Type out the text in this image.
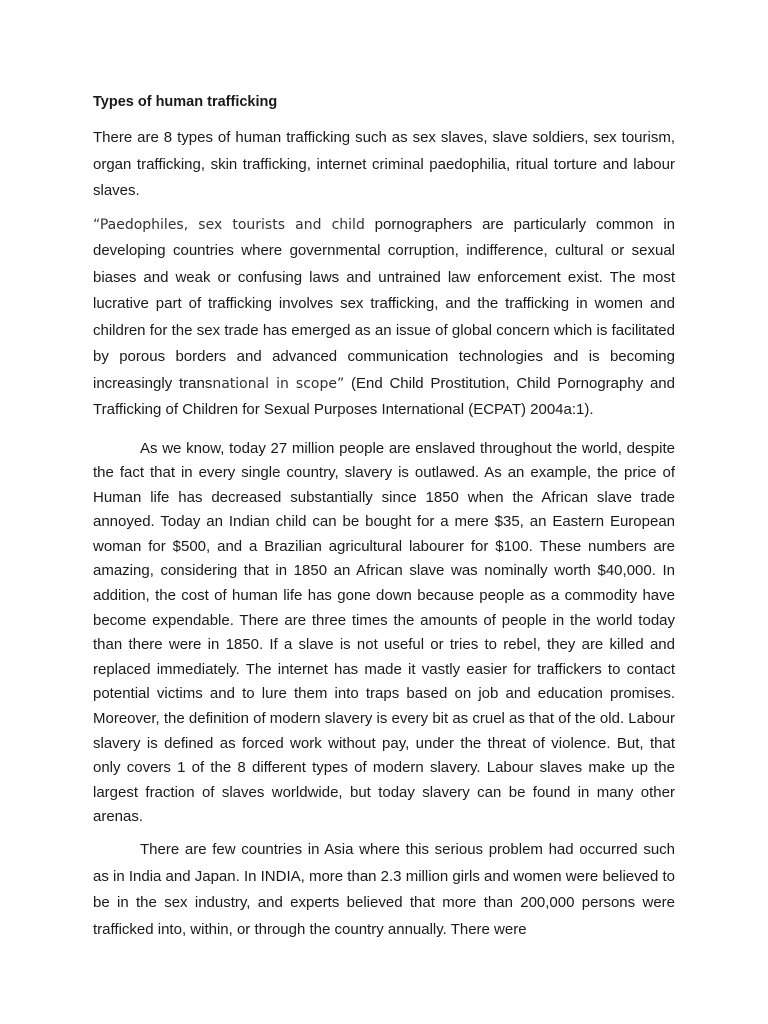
Types of human trafficking

There are 8 types of human trafficking such as sex slaves, slave soldiers, sex tourism, organ trafficking, skin trafficking, internet criminal paedophilia, ritual torture and labour slaves.

“Paedophiles, sex tourists and child pornographers are particularly common in developing countries where governmental corruption, indifference, cultural or sexual biases and weak or confusing laws and untrained law enforcement exist. The most lucrative part of trafficking involves sex trafficking, and the trafficking in women and children for the sex trade has emerged as an issue of global concern which is facilitated by porous borders and advanced communication technologies and is becoming increasingly transnational in scope” (End Child Prostitution, Child Pornography and Trafficking of Children for Sexual Purposes International (ECPAT) 2004a:1).

As we know, today 27 million people are enslaved throughout the world, despite the fact that in every single country, slavery is outlawed. As an example, the price of Human life has decreased substantially since 1850 when the African slave trade annoyed. Today an Indian child can be bought for a mere $35, an Eastern European woman for $500, and a Brazilian agricultural labourer for $100. These numbers are amazing, considering that in 1850 an African slave was nominally worth $40,000. In addition, the cost of human life has gone down because people as a commodity have become expendable. There are three times the amounts of people in the world today than there were in 1850. If a slave is not useful or tries to rebel, they are killed and replaced immediately. The internet has made it vastly easier for traffickers to contact potential victims and to lure them into traps based on job and education promises. Moreover, the definition of modern slavery is every bit as cruel as that of the old. Labour slavery is defined as forced work without pay, under the threat of violence. But, that only covers 1 of the 8 different types of modern slavery. Labour slaves make up the largest fraction of slaves worldwide, but today slavery can be found in many other arenas.

There are few countries in Asia where this serious problem had occurred such as in India and Japan. In INDIA, more than 2.3 million girls and women were believed to be in the sex industry, and experts believed that more than 200,000 persons were trafficked into, within, or through the country annually. There were
